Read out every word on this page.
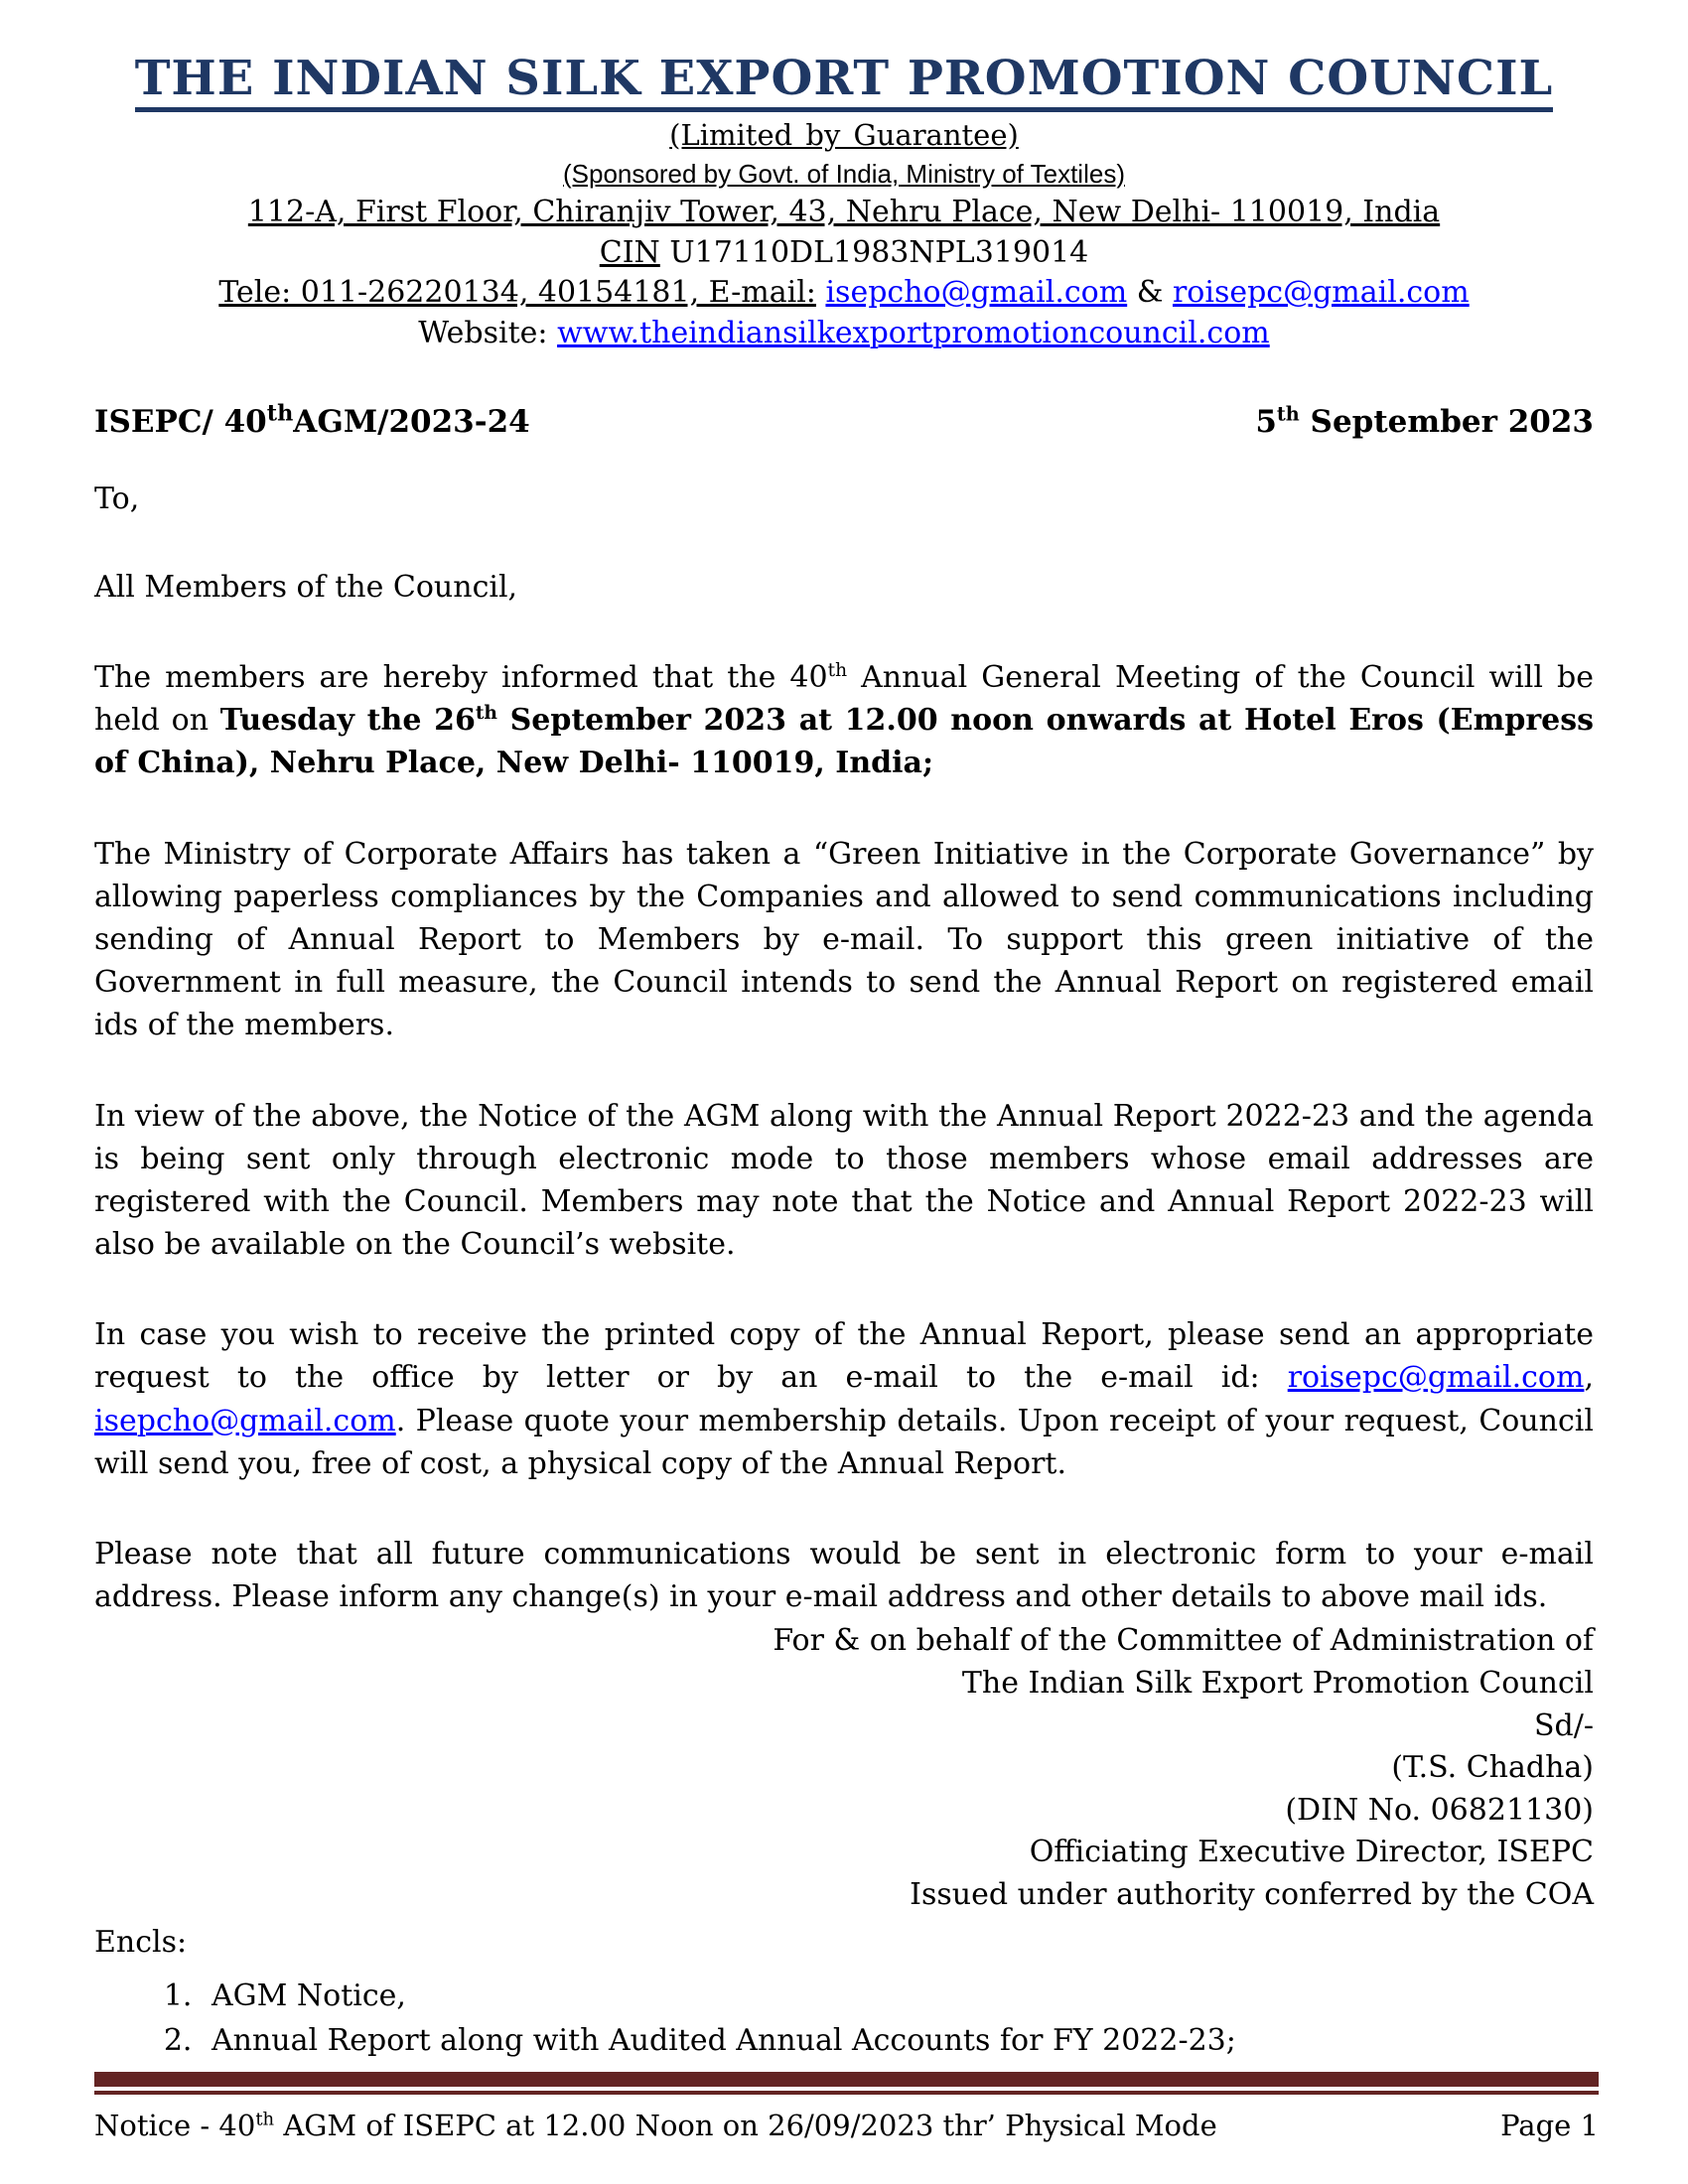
THE INDIAN SILK EXPORT PROMOTION COUNCIL
(Limited by Guarantee)
(Sponsored by Govt. of India, Ministry of Textiles)
112-A, First Floor, Chiranjiv Tower, 43, Nehru Place, New Delhi- 110019, India
CIN U17110DL1983NPL319014
Tele: 011-26220134, 40154181, E-mail: isepcho@gmail.com & roisepc@gmail.com
Website: www.theindiansilkexportpromotioncouncil.com
ISEPC/ 40thAGM/2023-24	5th September 2023
To,
All Members of the Council,

The members are hereby informed that the 40th Annual General Meeting of the Council will be held on Tuesday the 26th September 2023 at 12.00 noon onwards at Hotel Eros (Empress of China), Nehru Place, New Delhi- 110019, India;

The Ministry of Corporate Affairs has taken a “Green Initiative in the Corporate Governance” by allowing paperless compliances by the Companies and allowed to send communications including sending of Annual Report to Members by e-mail. To support this green initiative of the Government in full measure, the Council intends to send the Annual Report on registered email ids of the members.

In view of the above, the Notice of the AGM along with the Annual Report 2022-23 and the agenda is being sent only through electronic mode to those members whose email addresses are registered with the Council. Members may note that the Notice and Annual Report 2022-23 will also be available on the Council’s website.

In case you wish to receive the printed copy of the Annual Report, please send an appropriate request to the office by letter or by an e-mail to the e-mail id: roisepc@gmail.com, isepcho@gmail.com. Please quote your membership details. Upon receipt of your request, Council will send you, free of cost, a physical copy of the Annual Report.

Please note that all future communications would be sent in electronic form to your e-mail address. Please inform any change(s) in your e-mail address and other details to above mail ids.

For & on behalf of the Committee of Administration of
The Indian Silk Export Promotion Council
Sd/-
(T.S. Chadha)
(DIN No. 06821130)
Officiating Executive Director, ISEPC
Issued under authority conferred by the COA
Encls:
1. AGM Notice,
2. Annual Report along with Audited Annual Accounts for FY 2022-23;
Notice - 40th AGM of ISEPC at 12.00 Noon on 26/09/2023 thr’ Physical Mode	Page 1
